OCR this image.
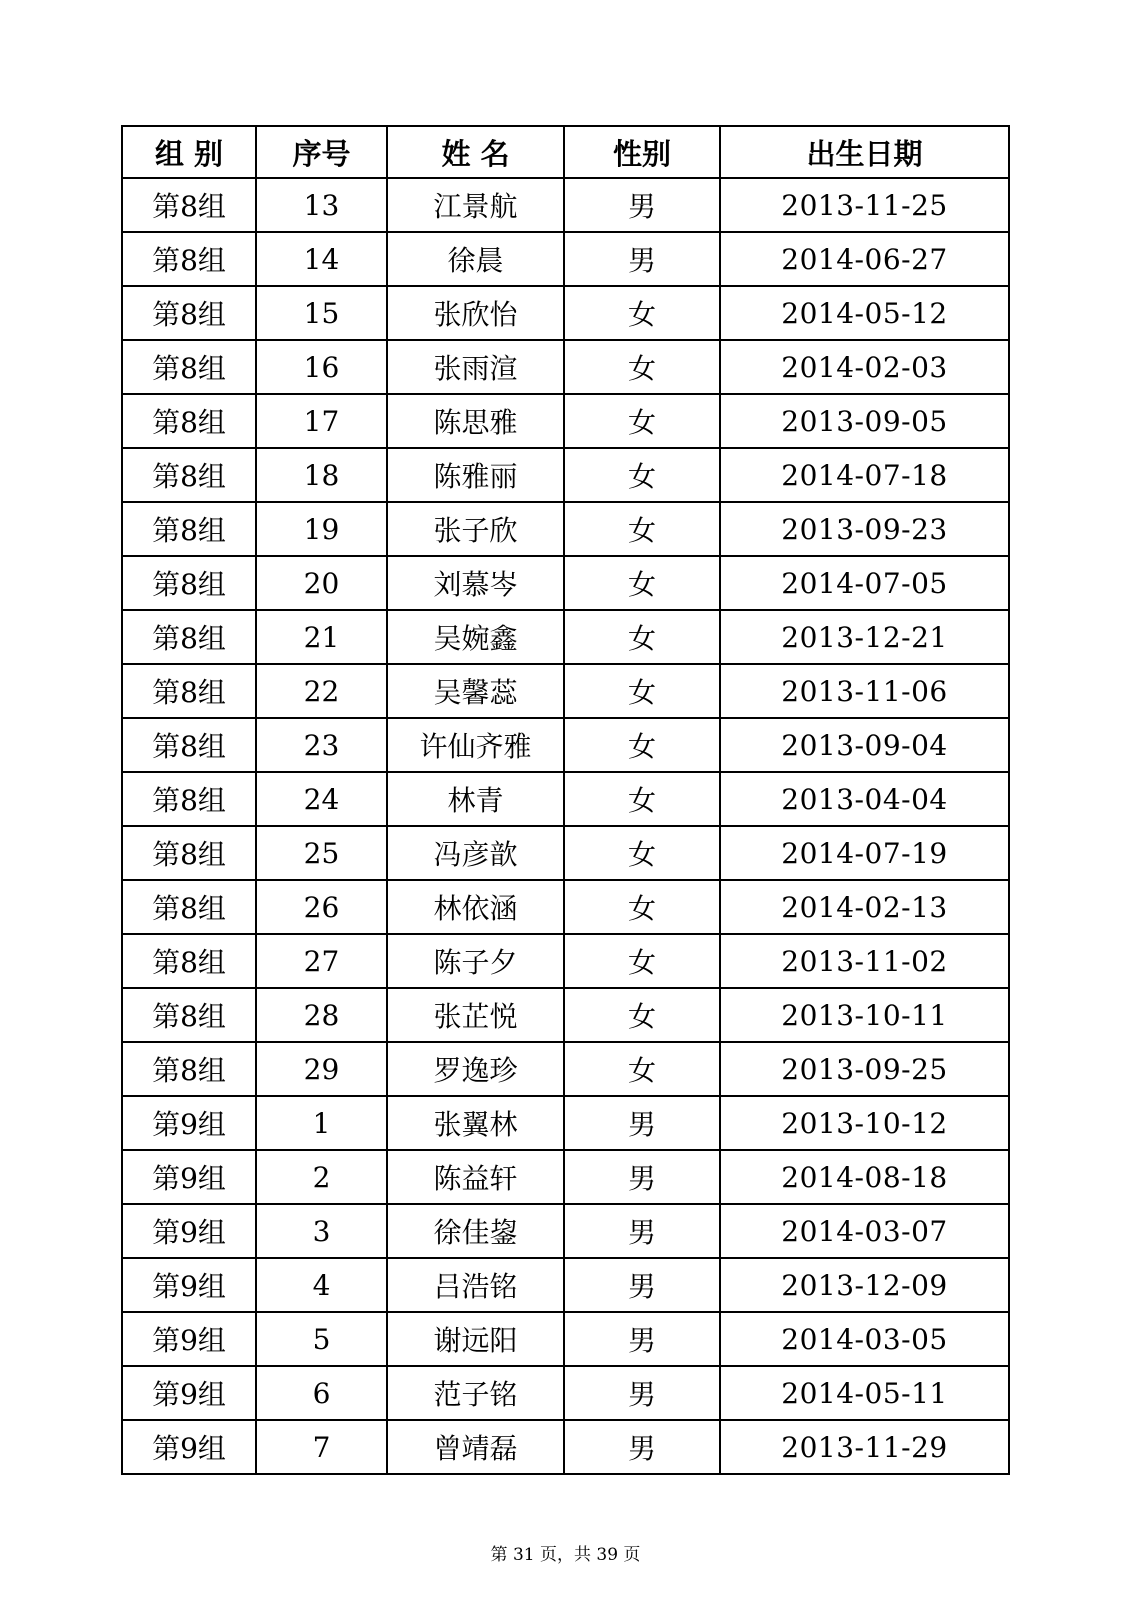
组 别	序号	姓 名	性别	出生日期
第8组	13	江景航	男	2013-11-25
第8组	14	徐晨	男	2014-06-27
第8组	15	张欣怡	女	2014-05-12
第8组	16	张雨渲	女	2014-02-03
第8组	17	陈思雅	女	2013-09-05
第8组	18	陈雅丽	女	2014-07-18
第8组	19	张子欣	女	2013-09-23
第8组	20	刘慕岑	女	2014-07-05
第8组	21	吴婉鑫	女	2013-12-21
第8组	22	吴馨蕊	女	2013-11-06
第8组	23	许仙齐雅	女	2013-09-04
第8组	24	林青	女	2013-04-04
第8组	25	冯彦歆	女	2014-07-19
第8组	26	林依涵	女	2014-02-13
第8组	27	陈子夕	女	2013-11-02
第8组	28	张芷悦	女	2013-10-11
第8组	29	罗逸珍	女	2013-09-25
第9组	1	张翼林	男	2013-10-12
第9组	2	陈益轩	男	2014-08-18
第9组	3	徐佳鋆	男	2014-03-07
第9组	4	吕浩铭	男	2013-12-09
第9组	5	谢远阳	男	2014-03-05
第9组	6	范子铭	男	2014-05-11
第9组	7	曾靖磊	男	2013-11-29
第 31 页，共 39 页
